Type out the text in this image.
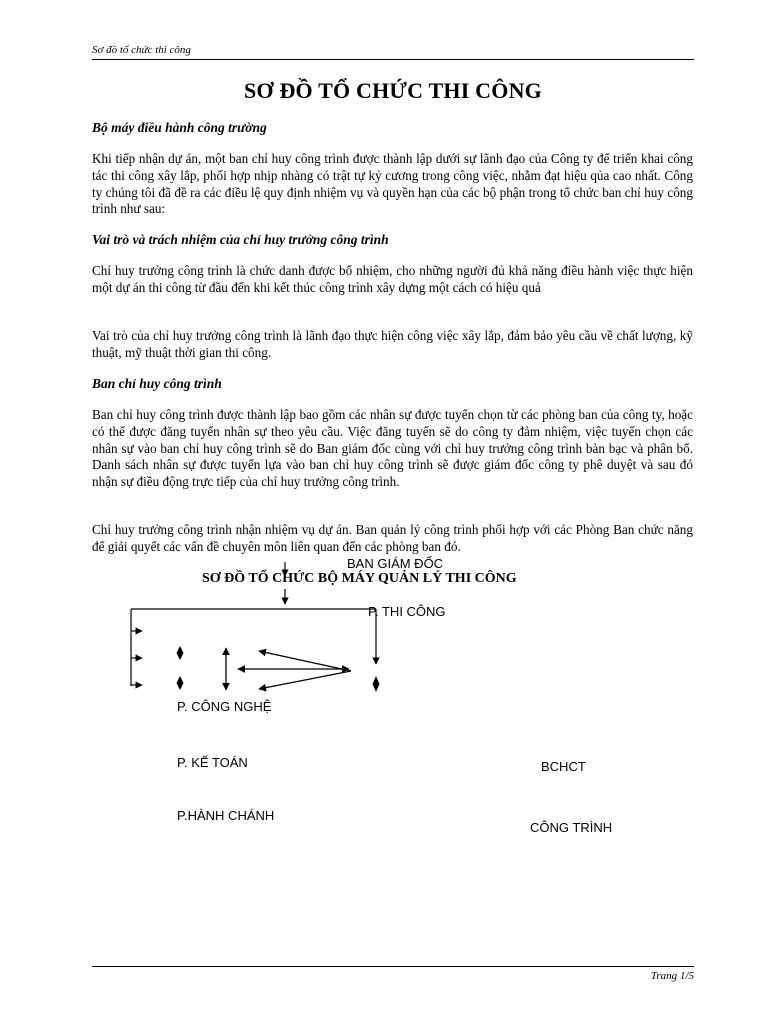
Sơ đồ tổ chức thi công
SƠ ĐỒ TỔ CHỨC THI CÔNG
Bộ máy điều hành công trường

Khi tiếp nhận dự án, một ban chỉ huy công trình được thành lập dưới sự lãnh đạo của Công ty để triển khai công tác thi công xây lắp, phối hợp nhịp nhàng có trật tự kỷ cương trong công việc, nhằm đạt hiệu qủa cao nhất. Công ty chúng tôi đã đề ra các điều lệ quy định nhiệm vụ và quyền hạn của các bộ phận trong tổ chức ban chỉ huy công trình như sau:

Vai trò và trách nhiệm của chỉ huy trưởng công trình

Chỉ huy trưởng công trình là chức danh được bổ nhiệm, cho những người đủ khả năng điều hành việc thực hiện một dự án thi công từ đầu đến khi kết thúc công trình xây dựng một cách có hiệu quả

Vai trò của chỉ huy trưởng công trình là lãnh đạo thực hiện công việc xây lắp, đảm bảo yêu cầu về chất lượng, kỹ thuật, mỹ thuật thời gian thi công.

Ban chỉ huy công trình

Ban chỉ huy công trình được thành lập bao gồm các nhân sự được tuyển chọn từ các phòng ban của công ty, hoặc có thể được đăng tuyển nhân sự theo yêu cầu. Việc đăng tuyển sẽ do công ty đảm nhiệm, việc tuyển chọn các nhân sự vào ban chỉ huy công trình sẽ do Ban giám đốc cùng với chỉ huy trưởng công trình bàn bạc và phân bổ. Danh sách nhân sự được tuyển lựa vào ban chỉ huy công trình sẽ được giám đốc công ty phê duyệt và sau đó nhận sự điều động trực tiếp của chỉ huy trưởng công trình.

Chỉ huy trưởng công trình nhận nhiệm vụ dự án. Ban quản lý công trình phối hợp với các Phòng Ban chức năng để giải quyết các vấn đề chuyên môn liên quan đến các phòng ban đó.

BAN GIÁM ĐỐC
SƠ ĐỒ TỔ CHỨC BỘ MÁY QUẢN LÝ THI CÔNG
P. THI CÔNG
P. CÔNG NGHỆ
P. KẾ TOÁN
P.HÀNH CHÁNH
BCHCT
CÔNG TRÌNH
Trang 1/5
